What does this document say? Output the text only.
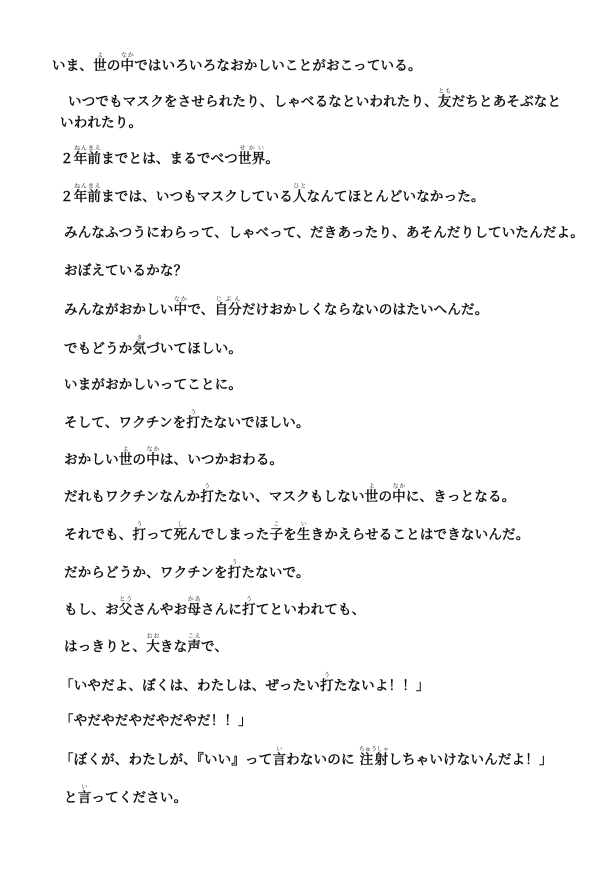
いま、世よの中なかではいろいろなおかしいことがおこっている。

いつでもマスクをさせられたり、しゃべるなといわれたり、友ともだちとあそぶなといわれたり。

２年前ねんまえまでとは、まるでべつ世界せかい。

２年前ねんまえまでは、いつもマスクしている人ひとなんてほとんどいなかった。

みんなふつうにわらって、しゃべって、だきあったり、あそんだりしていたんだよ。

おぼえているかな？

みんながおかしい中なかで、自分じぶんだけおかしくならないのはたいへんだ。

でもどうか気きづいてほしい。

いまがおかしいってことに。

そして、ワクチンを打うたないでほしい。

おかしい世よの中なかは、いつかおわる。

だれもワクチンなんか打うたない、マスクもしない世よの中なかに、きっとなる。

それでも、打うって死しんでしまった子こを生いきかえらせることはできないんだ。

だからどうか、ワクチンを打うたないで。

もし、お父とうさんやお母かあさんに打うてといわれても、

はっきりと、大おおきな声こえで、

「いやだよ、ぼくは、わたしは、ぜったい打うたないよ！！」

「やだやだやだやだやだ！！」

「ぼくが、わたしが、『いい』って言いわないのに 注射ちゅうしゃしちゃいけないんだよ！」

と言いってください。
